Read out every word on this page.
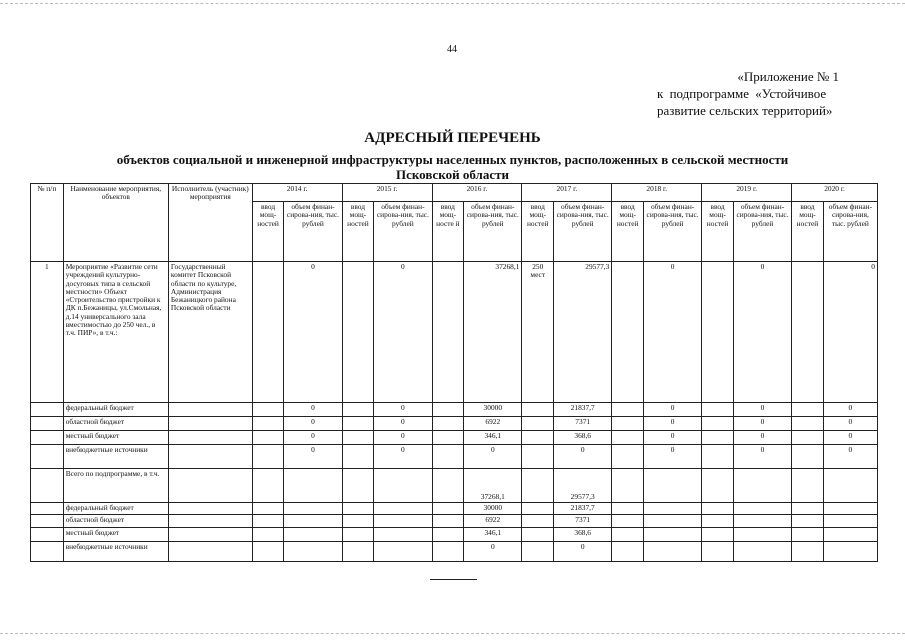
44
«Приложение № 1
к подпрограмме «Устойчивое
развитие сельских территорий»
АДРЕСНЫЙ ПЕРЕЧЕНЬ
объектов социальной и инженерной инфраструктуры населенных пунктов, расположенных в сельской местности
Псковской области
№ п/п	Наименование мероприятия, объектов	Исполнитель (участник) мероприятия	2014 г.		2015 г.		2016 г.		2017 г.		2018 г.		2019 г.		2020 г.	
			ввод мощ-ностей	объем финан-сирова-ния, тыс. рублей	ввод мощ-ностей	объем финан-сирова-ния, тыс. рублей	ввод мощ-носте й	объем финан-сирова-ния, тыс. рублей	ввод мощ-ностей	объем финан-сирова-ния, тыс. рублей	ввод мощ-ностей	объем финан-сирова-ния, тыс. рублей	ввод мощ-ностей	объем финан-сирова-ния, тыс. рублей	ввод мощ-ностей	объем финан-сирова-ния, тыс. рублей
1	Мероприятие «Развитие сети учреждений культурно-досуговых типа в сельской местности» Объект «Строительство пристройки к ДК п.Бежаницы, ул.Смольная, д.14 универсального зала вместимостью до 250 чел., в т.ч. ПИР», в т.ч.:	Государственный комитет Псковской области по культуре, Администрация Бежаницкого района Псковской области		0		0		37268,1	250 мест	29577,3		0		0		0
	федеральный бюджет			0		0		30000		21837,7		0		0		0
	областной бюджет			0		0		6922		7371		0		0		0
	местный бюджет			0		0		346,1		368,6		0		0		0
	внебюджетные источники			0		0		0		0		0		0		0
	Всего по подпрограмме, в т.ч.							37268,1		29577,3						
	федеральный бюджет							30000		21837,7						
	областной бюджет							6922		7371						
	местный бюджет							346,1		368,6						
	внебюджетные источники							0		0						
